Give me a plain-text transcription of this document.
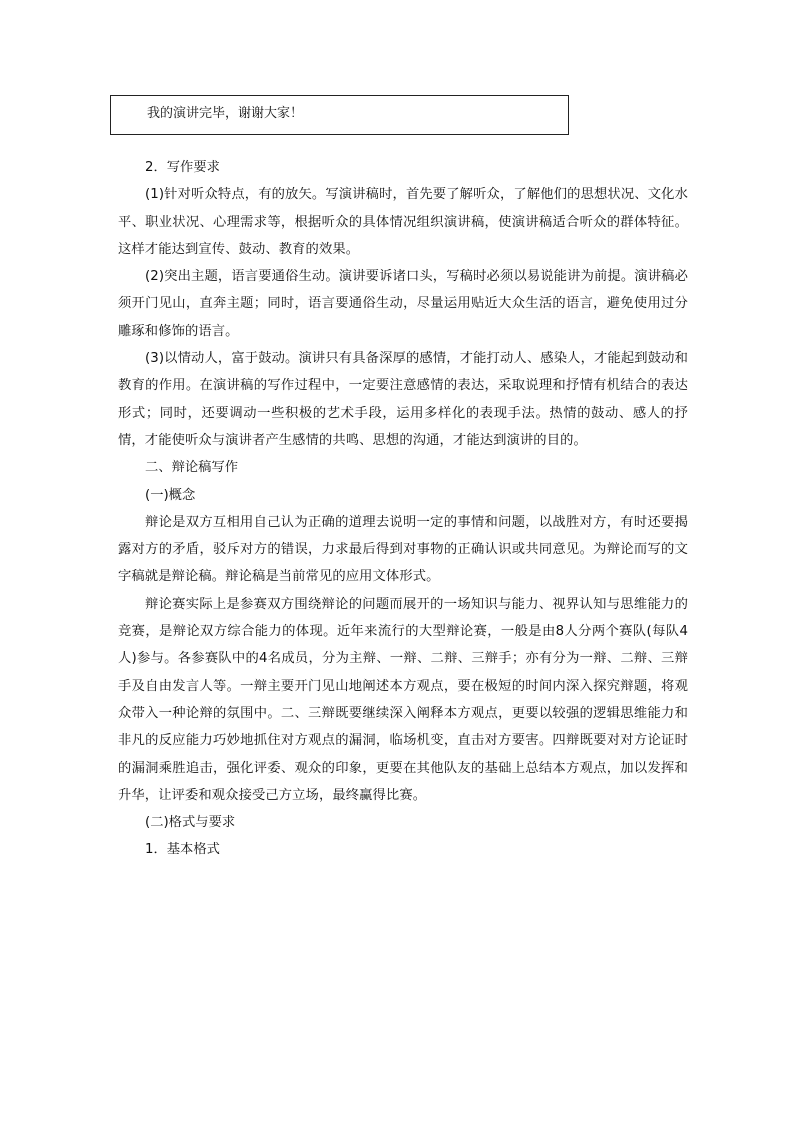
我的演讲完毕，谢谢大家！

2．写作要求

(1)针对听众特点，有的放矢。写演讲稿时，首先要了解听众，了解他们的思想状况、文化水平、职业状况、心理需求等，根据听众的具体情况组织演讲稿，使演讲稿适合听众的群体特征。这样才能达到宣传、鼓动、教育的效果。

(2)突出主题，语言要通俗生动。演讲要诉诸口头，写稿时必须以易说能讲为前提。演讲稿必须开门见山，直奔主题；同时，语言要通俗生动，尽量运用贴近大众生活的语言，避免使用过分雕琢和修饰的语言。

(3)以情动人，富于鼓动。演讲只有具备深厚的感情，才能打动人、感染人，才能起到鼓动和教育的作用。在演讲稿的写作过程中，一定要注意感情的表达，采取说理和抒情有机结合的表达形式；同时，还要调动一些积极的艺术手段，运用多样化的表现手法。热情的鼓动、感人的抒情，才能使听众与演讲者产生感情的共鸣、思想的沟通，才能达到演讲的目的。

二、辩论稿写作

(一)概念

辩论是双方互相用自己认为正确的道理去说明一定的事情和问题，以战胜对方，有时还要揭露对方的矛盾，驳斥对方的错误，力求最后得到对事物的正确认识或共同意见。为辩论而写的文字稿就是辩论稿。辩论稿是当前常见的应用文体形式。

辩论赛实际上是参赛双方围绕辩论的问题而展开的一场知识与能力、视界认知与思维能力的竞赛，是辩论双方综合能力的体现。近年来流行的大型辩论赛，一般是由8人分两个赛队(每队4人)参与。各参赛队中的4名成员，分为主辩、一辩、二辩、三辩手；亦有分为一辩、二辩、三辩手及自由发言人等。一辩主要开门见山地阐述本方观点，要在极短的时间内深入探究辩题，将观众带入一种论辩的氛围中。二、三辩既要继续深入阐释本方观点，更要以较强的逻辑思维能力和非凡的反应能力巧妙地抓住对方观点的漏洞，临场机变，直击对方要害。四辩既要对对方论证时的漏洞乘胜追击，强化评委、观众的印象，更要在其他队友的基础上总结本方观点，加以发挥和升华，让评委和观众接受己方立场，最终赢得比赛。

(二)格式与要求

1．基本格式
